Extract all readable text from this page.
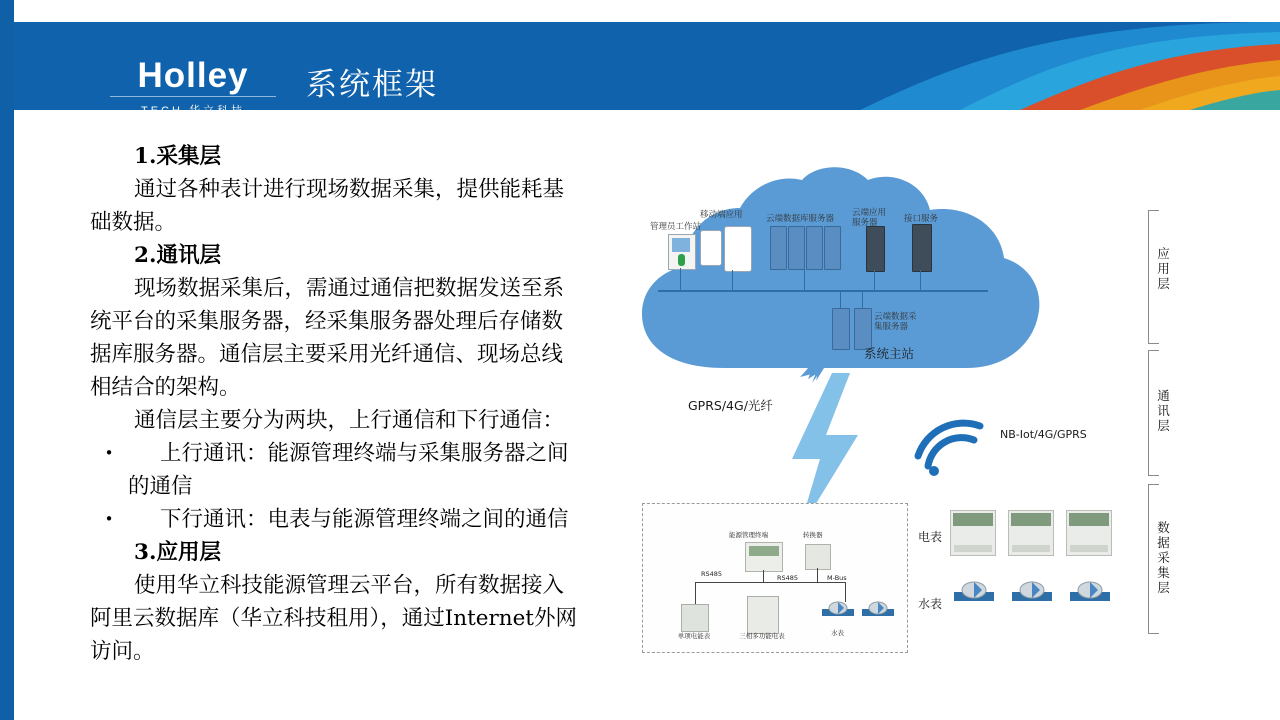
Holley
TECH 华立科技
系统框架

1.采集层

通过各种表计进行现场数据采集，提供能耗基础数据。

2.通讯层

现场数据采集后，需通过通信把数据发送至系统平台的采集服务器，经采集服务器处理后存储数据库服务器。通信层主要采用光纤通信、现场总线相结合的架构。

通信层主要分为两块，上行通信和下行通信：

•	上行通讯：能源管理终端与采集服务器之间的通信
•	下行通讯：电表与能源管理终端之间的通信

3.应用层

使用华立科技能源管理云平台，所有数据接入阿里云数据库（华立科技租用），通过Internet外网访问。

管理员工作站
移动端应用	云端数据库服务器
云端应用服务器	接口服务
云端数据采集服务器
系统主站
GPRS/4G/光纤
NB-Iot/4G/GPRS
电表
水表
能源管理终端	转换器
RS485	RS485	M-Bus
单项电能表	三相多功能电表	水表
应
用
层
通
讯
层
数
据
采
集
层
